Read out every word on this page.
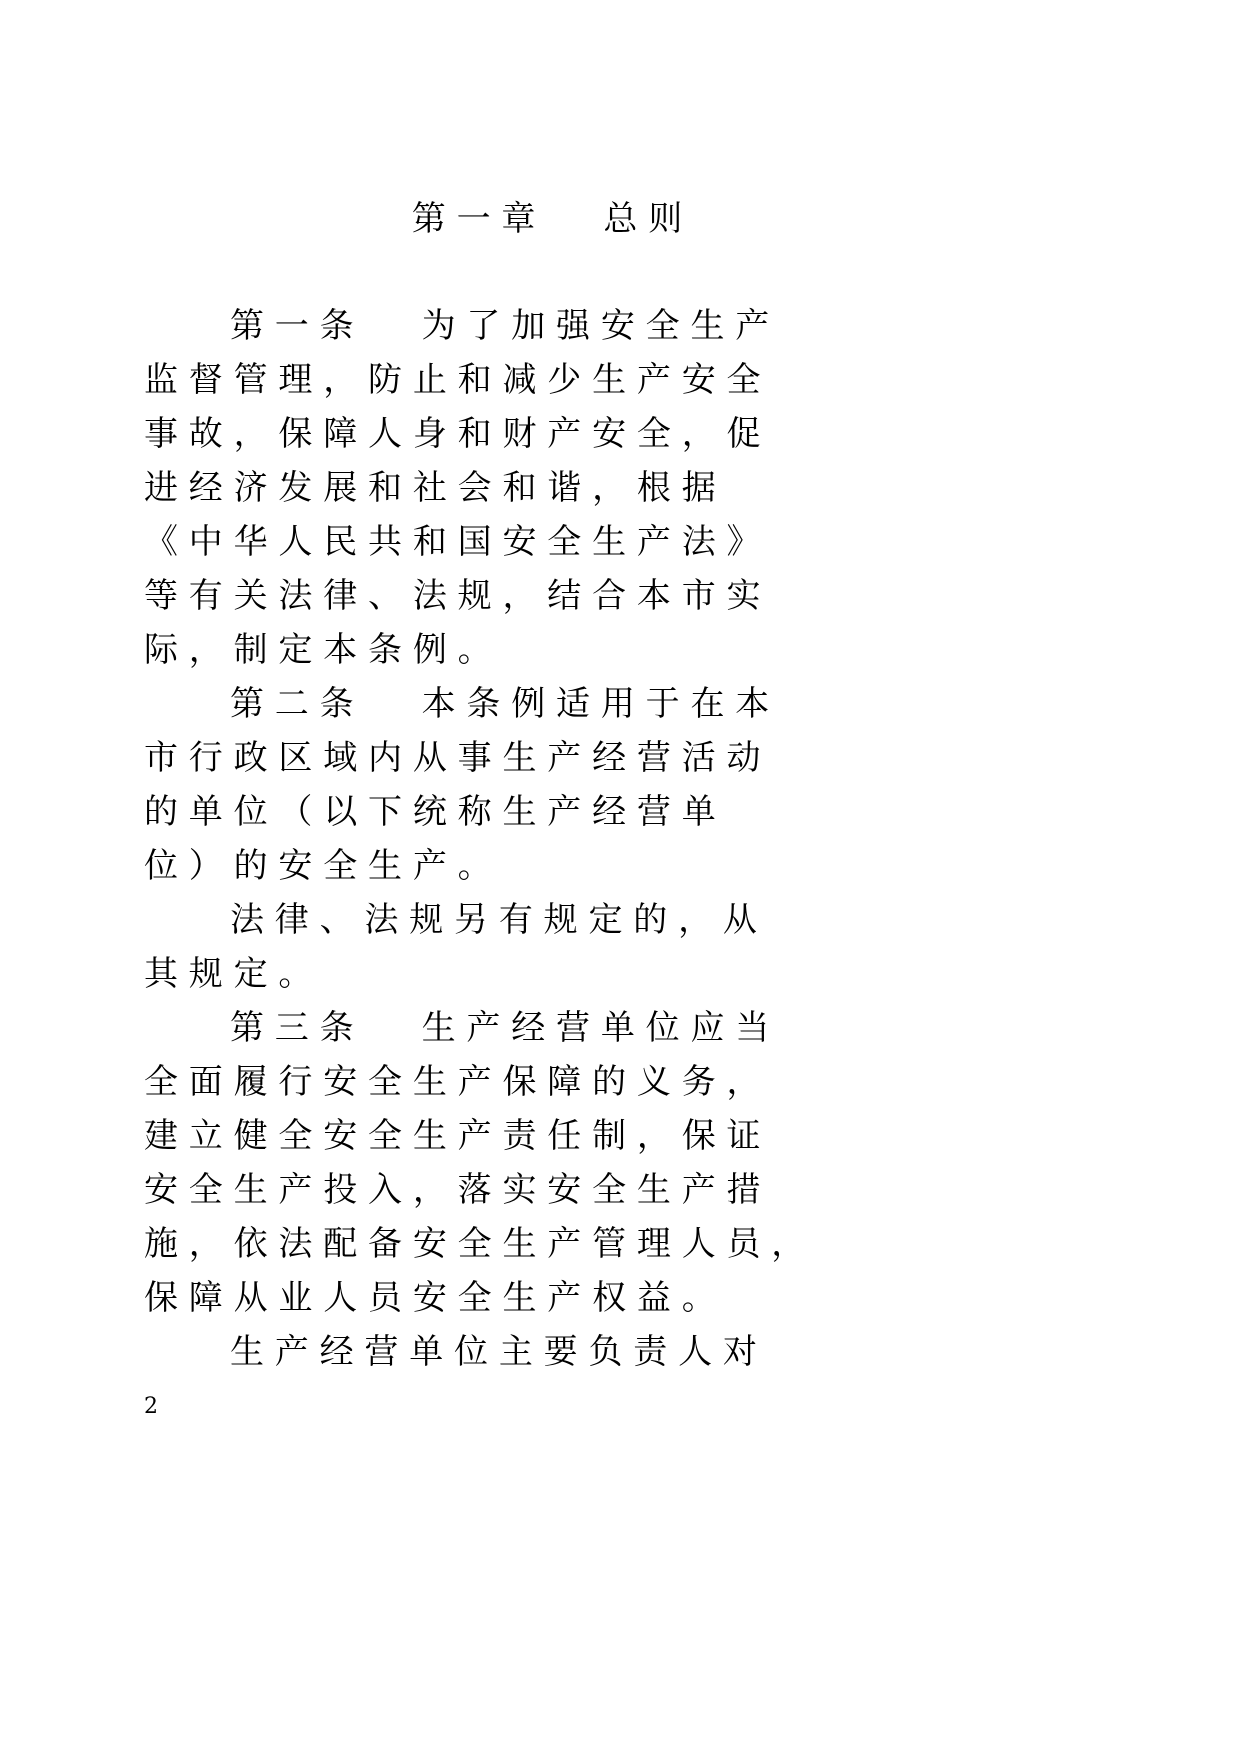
第 一 章　　总 则

第 一 条　　为 了 加 强 安 全 生 产

监 督 管 理 ， 防 止 和 减 少 生 产 安 全

事 故 ， 保 障 人 身 和 财 产 安 全 ， 促

进 经 济 发 展 和 社 会 和 谐 ， 根 据

《 中 华 人 民 共 和 国 安 全 生 产 法 》

等 有 关 法 律 、 法 规 ， 结 合 本 市 实

际 ， 制 定 本 条 例 。

第 二 条　　本 条 例 适 用 于 在 本

市 行 政 区 域 内 从 事 生 产 经 营 活 动

的 单 位 （ 以 下 统 称 生 产 经 营 单

位 ） 的 安 全 生 产 。

法 律 、 法 规 另 有 规 定 的 ， 从

其 规 定 。

第 三 条　　生 产 经 营 单 位 应 当

全 面 履 行 安 全 生 产 保 障 的 义 务 ，

建 立 健 全 安 全 生 产 责 任 制 ， 保 证

安 全 生 产 投 入 ， 落 实 安 全 生 产 措

施 ， 依 法 配 备 安 全 生 产 管 理 人 员 ，

保 障 从 业 人 员 安 全 生 产 权 益 。

生 产 经 营 单 位 主 要 负 责 人 对

2
